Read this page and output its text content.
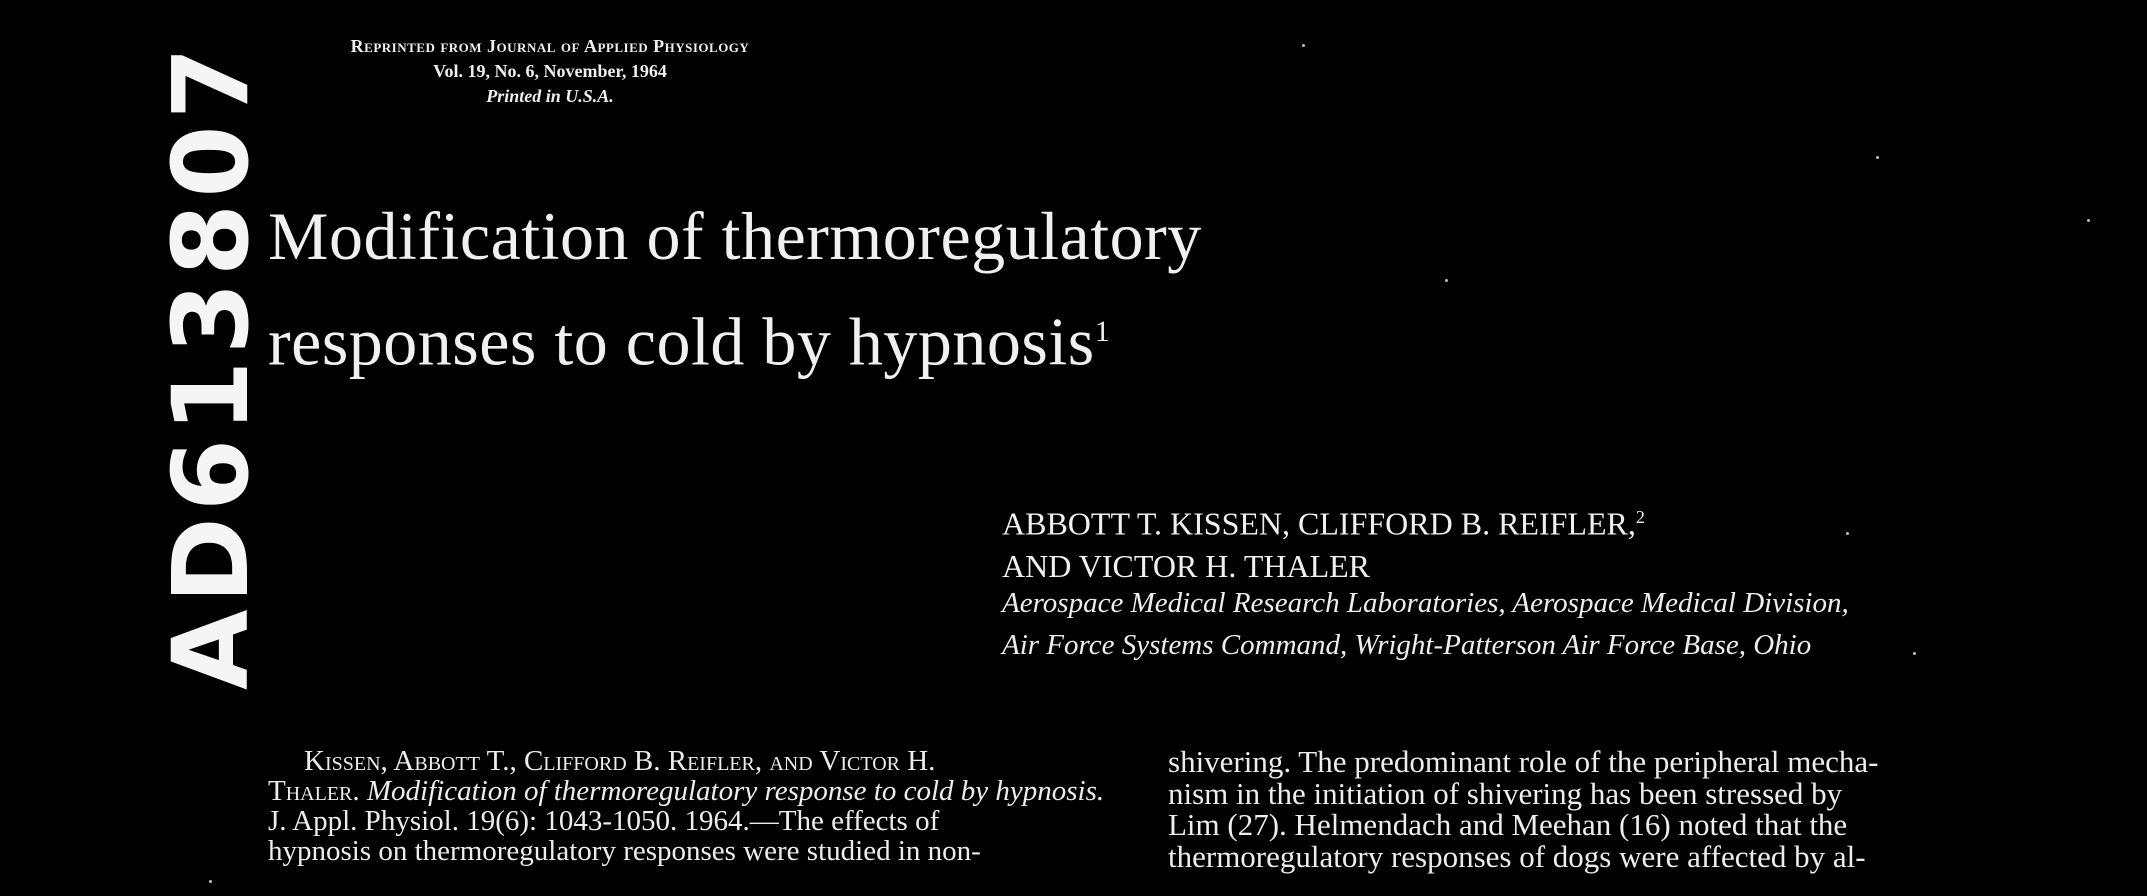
Reprinted from Journal of Applied Physiology
Vol. 19, No. 6, November, 1964
Printed in U.S.A.
AD613807
Modification of thermoregulatory
responses to cold by hypnosis$^1$
ABBOTT T. KISSEN, CLIFFORD B. REIFLER,$^2$
AND VICTOR H. THALER
Aerospace Medical Research Laboratories, Aerospace Medical Division,
Air Force Systems Command, Wright-Patterson Air Force Base, Ohio
Kissen, Abbott T., Clifford B. Reifler, and Victor H.
Thaler. Modification of thermoregulatory response to cold by hypnosis.
J. Appl. Physiol. 19(6): 1043-1050. 1964.—The effects of
hypnosis on thermoregulatory responses were studied in non-
shivering. The predominant role of the peripheral mecha-
nism in the initiation of shivering has been stressed by
Lim (27). Helmendach and Meehan (16) noted that the
thermoregulatory responses of dogs were affected by al-
